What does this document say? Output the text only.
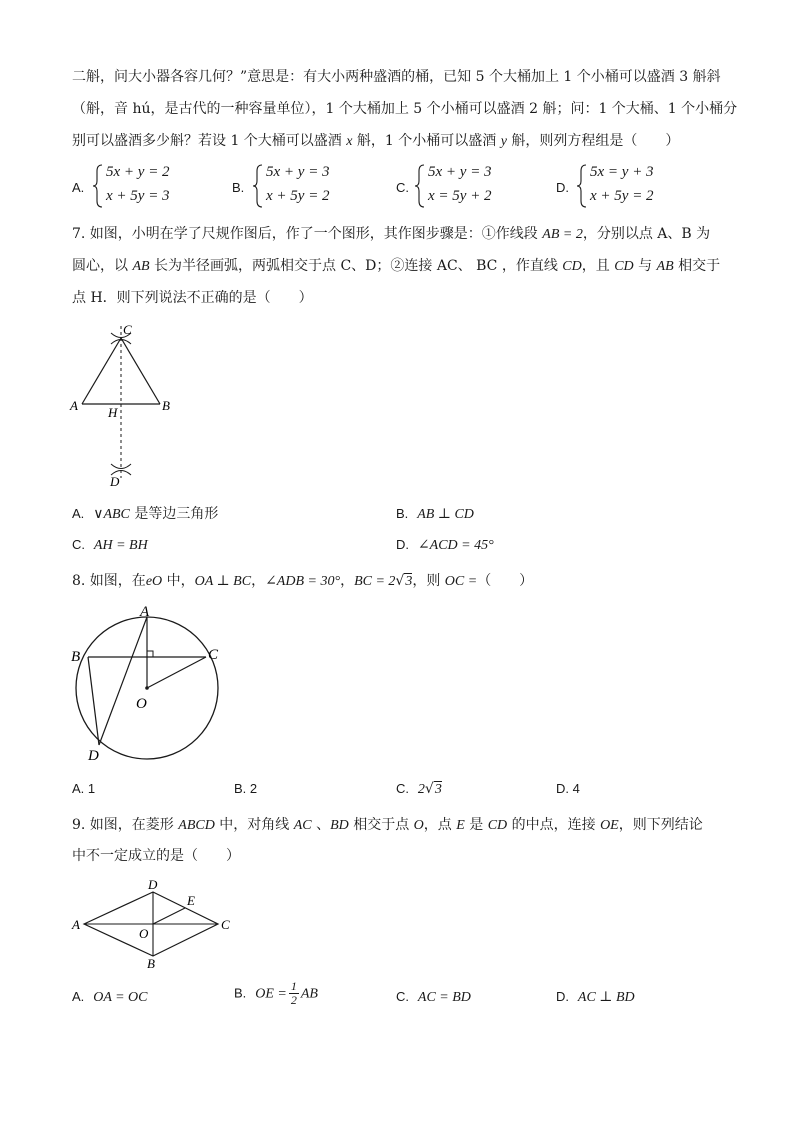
二斛，问大小器各容几何？”意思是：有大小两种盛酒的桶，已知 5 个大桶加上 1 个小桶可以盛酒 3 斛斜
（斛，音 hú，是古代的一种容量单位），1 个大桶加上 5 个小桶可以盛酒 2 斛；问：1 个大桶、1 个小桶分
别可以盛酒多少斛？若设 1 个大桶可以盛酒 x 斛，1 个小桶可以盛酒 y 斛，则列方程组是（　　）
A.
5x + y = 2
x + 5y = 3
B.
5x + y = 3
x + 5y = 2
C.
5x + y = 3
x = 5y + 2
D.
5x = y + 3
x + 5y = 2
7. 如图，小明在学了尺规作图后，作了一个图形，其作图步骤是：①作线段 AB = 2，分别以点 A、B 为
圆心，以 AB 长为半径画弧，两弧相交于点 C、D；②连接 AC、 BC ，作直线 CD，且 CD 与 AB 相交于
点 H．则下列说法不正确的是（　　）
C
A H	B
D
A. ∨ABC 是等边三角形	B. AB ⊥ CD
C. AH = BH	D. ∠ACD = 45°
8. 如图，在eO 中，OA ⊥ BC，∠ADB = 30°，BC = 2√3，则 OC =（　　）
A
B	C
O
D
A. 1	B. 2	C. 2√3	D. 4
9. 如图，在菱形 ABCD 中，对角线 AC 、BD 相交于点 O，点 E 是 CD 的中点，连接 OE，则下列结论
中不一定成立的是（　　）
D
E
A
O
C
B
A. OA = OC	B. OE = $\frac{1}{2}$ AB	C. AC = BD	D. AC ⊥ BD
